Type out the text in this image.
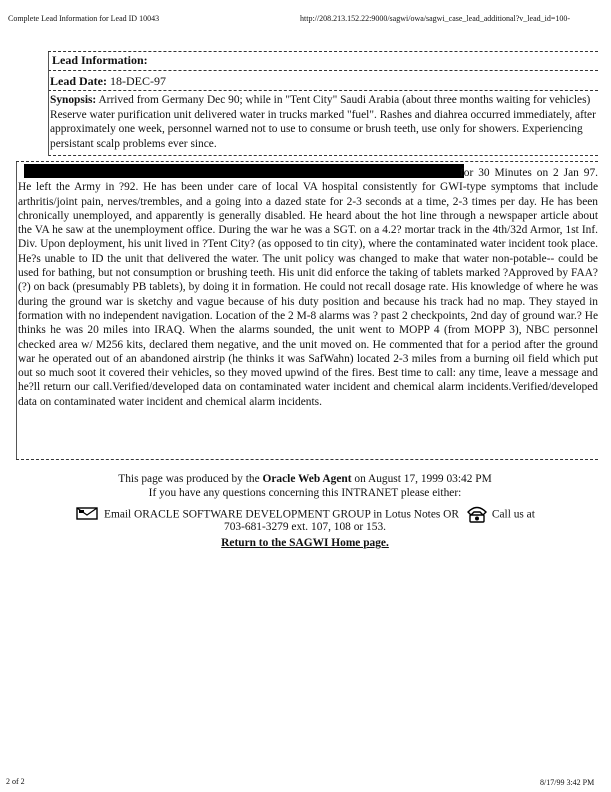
Complete Lead Information for Lead ID 10043	http://208.213.152.22:9000/sagwi/owa/sagwi_case_lead_additional?v_lead_id=100-
Lead Information:
Lead Date: 18-DEC-97
Synopsis: Arrived from Germany Dec 90; while in "Tent City" Saudi Arabia (about three months waiting for vehicles) Reserve water purification unit delivered water in trucks marked "fuel". Rashes and diahrea occurred immediately, after approximately one week, personnel warned not to use to consume or brush teeth, use only for showers. Experiencing persistant scalp problems ever since.
for 30 Minutes on 2 Jan 97. He left the Army in ?92. He has been under care of local VA hospital consistently for GWI-type symptoms that include arthritis/joint pain, nerves/trembles, and a going into a dazed state for 2-3 seconds at a time, 2-3 times per day. He has been chronically unemployed, and apparently is generally disabled. He heard about the hot line through a newspaper article about the VA he saw at the unemployment office. During the war he was a SGT. on a 4.2? mortar track in the 4th/32d Armor, 1st Inf. Div. Upon deployment, his unit lived in ?Tent City? (as opposed to tin city), where the contaminated water incident took place. He?s unable to ID the unit that delivered the water. The unit policy was changed to make that water non-potable-- could be used for bathing, but not consumption or brushing teeth. His unit did enforce the taking of tablets marked ?Approved by FAA? (?) on back (presumably PB tablets), by doing it in formation. He could not recall dosage rate. His knowledge of where he was during the ground war is sketchy and vague because of his duty position and because his track had no map. They stayed in formation with no independent navigation. Location of the 2 M-8 alarms was ? past 2 checkpoints, 2nd day of ground war.? He thinks he was 20 miles into IRAQ. When the alarms sounded, the unit went to MOPP 4 (from MOPP 3), NBC personnel checked area w/ M256 kits, declared them negative, and the unit moved on. He commented that for a period after the ground war he operated out of an abandoned airstrip (he thinks it was SafWahn) located 2-3 miles from a burning oil field which put out so much soot it covered their vehicles, so they moved upwind of the fires. Best time to call: any time, leave a message and he?ll return our call.Verified/developed data on contaminated water incident and chemical alarm incidents.Verified/developed data on contaminated water incident and chemical alarm incidents.
This page was produced by the Oracle Web Agent on August 17, 1999 03:42 PM
If you have any questions concerning this INTRANET please either:
Email ORACLE SOFTWARE DEVELOPMENT GROUP in Lotus Notes OR	Call us at
703-681-3279 ext. 107, 108 or 153.
Return to the SAGWI Home page.
2 of 2	8/17/99 3:42 PM
